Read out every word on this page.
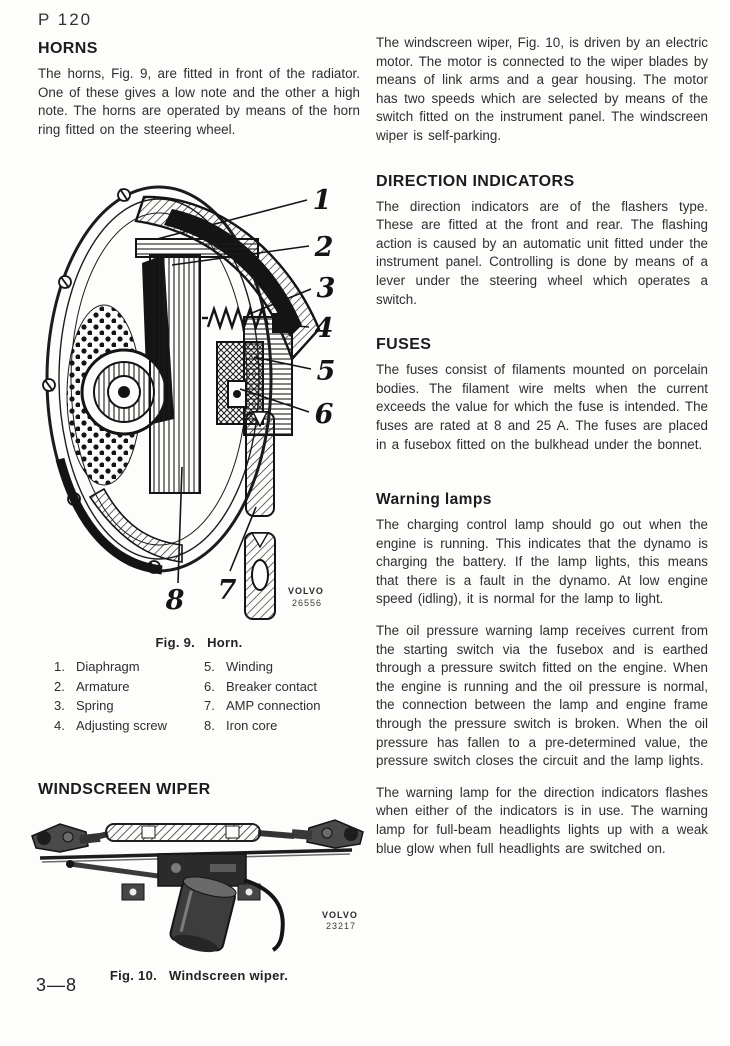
P 120
HORNS

The horns, Fig. 9, are fitted in front of the radiator. One of these gives a low note and the other a high note. The horns are operated by means of the horn ring fitted on the steering wheel.

1
2
3
4
5
6
7
8	VOLVO
26556
Fig. 9. Horn.
1. Diaphragm
2. Armature
3. Spring
4. Adjusting screw
5. Winding
6. Breaker contact
7. AMP connection
8. Iron core
WINDSCREEN WIPER
VOLVO
23217
Fig. 10. Windscreen wiper.

The windscreen wiper, Fig. 10, is driven by an electric motor. The motor is connected to the wiper blades by means of link arms and a gear housing. The motor has two speeds which are selected by means of the switch fitted on the instrument panel. The windscreen wiper is self-parking.

DIRECTION INDICATORS

The direction indicators are of the flashers type. These are fitted at the front and rear. The flashing action is caused by an automatic unit fitted under the instrument panel. Controlling is done by means of a lever under the steering wheel which operates a switch.

FUSES

The fuses consist of filaments mounted on porcelain bodies. The filament wire melts when the current exceeds the value for which the fuse is intended. The fuses are rated at 8 and 25 A. The fuses are placed in a fusebox fitted on the bulkhead under the bonnet.

Warning lamps

The charging control lamp should go out when the engine is running. This indicates that the dynamo is charging the battery. If the lamp lights, this means that there is a fault in the dynamo. At low engine speed (idling), it is normal for the lamp to light.

The oil pressure warning lamp receives current from the starting switch via the fusebox and is earthed through a pressure switch fitted on the engine. When the engine is running and the oil pressure is normal, the connection between the lamp and engine frame through the pressure switch is broken. When the oil pressure has fallen to a pre-determined value, the pressure switch closes the circuit and the lamp lights.

The warning lamp for the direction indicators flashes when either of the indicators is in use. The warning lamp for full-beam headlights lights up with a weak blue glow when full headlights are switched on.

3—8
